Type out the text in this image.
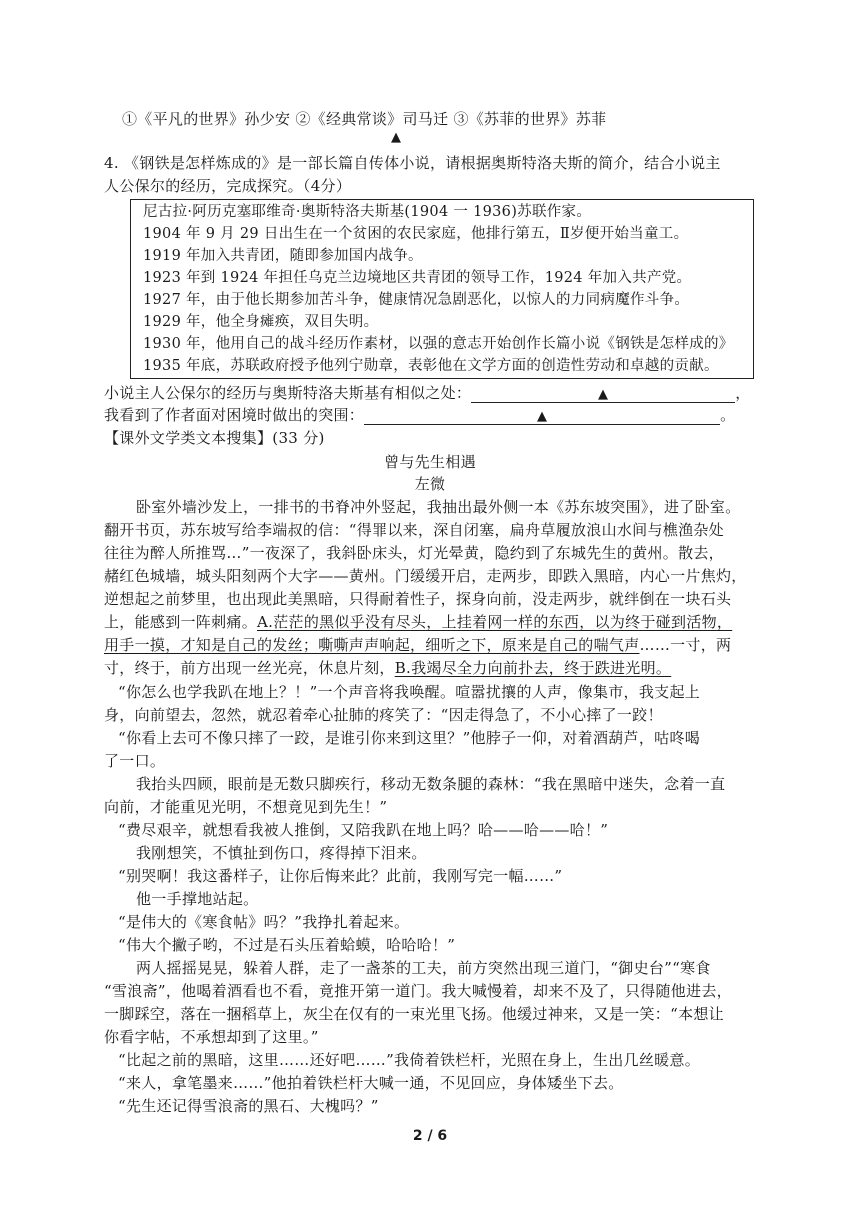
①《平凡的世界》孙少安 ②《经典常谈》司马迁 ③《苏菲的世界》苏菲
▲
4. 《钢铁是怎样炼成的》是一部长篇自传体小说，请根据奥斯特洛夫斯的简介，结合小说主
人公保尔的经历，完成探究。（4分）
尼古拉·阿历克塞耶维奇·奥斯特洛夫斯基(1904 一 1936)苏联作家。
1904 年 9 月 29 日出生在一个贫困的农民家庭，他排行第五，Ⅱ岁便开始当童工。
1919 年加入共青团，随即参加国内战争。
1923 年到 1924 年担任乌克兰边境地区共青团的领导工作，1924 年加入共产党。
1927 年，由于他长期参加苦斗争，健康情况急剧恶化，以惊人的力同病魔作斗争。
1929 年，他全身瘫痪，双目失明。
1930 年，他用自己的战斗经历作素材，以强的意志开始创作长篇小说《钢铁是怎样成的》
1935 年底，苏联政府授予他列宁勋章，表彰他在文学方面的创造性劳动和卓越的贡献。
小说主人公保尔的经历与奥斯特洛夫斯基有相似之处：	▲	，
我看到了作者面对困境时做出的突围：	▲	。
【课外文学类文本搜集】(33 分)
曾与先生相遇
左微
卧室外墙沙发上，一排书的书脊冲外竖起，我抽出最外侧一本《苏东坡突围》，进了卧室。
翻开书页，苏东坡写给李端叔的信：“得罪以来，深自闭塞，扁舟草履放浪山水间与樵渔杂处
往往为醉人所推骂…”一夜深了，我斜卧床头，灯光晕黄，隐约到了东城先生的黄州。散去，
赭红色城墙，城头阳刻两个大字——黄州。门缓缓开启，走两步，即跌入黑暗，内心一片焦灼，
逆想起之前梦里，也出现此美黑暗，只得耐着性子，探身向前，没走两步，就绊倒在一块石头
上，能感到一阵刺痛。A.茫茫的黑似乎没有尽头，上挂着网一样的东西，以为终于碰到活物，
用手一摸，才知是自己的发丝；嘶嘶声声响起，细听之下，原来是自己的喘气声……一寸，两
寸，终于，前方出现一丝光亮，休息片刻，B.我竭尽全力向前扑去，终于跌进光明。
“你怎么也学我趴在地上？！”一个声音将我唤醒。喧嚣扰攘的人声，像集市，我支起上
身，向前望去，忽然，就忍着牵心扯肺的疼笑了：“因走得急了，不小心摔了一跤！
“你看上去可不像只摔了一跤，是谁引你来到这里？”他脖子一仰，对着酒葫芦，咕咚喝
了一口。
我抬头四顾，眼前是无数只脚疾行，移动无数条腿的森林：“我在黑暗中迷失，念着一直
向前，才能重见光明，不想竟见到先生！”
“费尽艰辛，就想看我被人推倒，又陪我趴在地上吗？哈——哈——哈！”
我刚想笑，不慎扯到伤口，疼得掉下泪来。
“别哭啊！我这番样子，让你后悔来此？此前，我刚写完一幅……”
他一手撑地站起。
“是伟大的《寒食帖》吗？”我挣扎着起来。
“伟大个撇子哟，不过是石头压着蛤蟆，哈哈哈！”
两人摇摇晃晃，躲着人群，走了一盏茶的工夫，前方突然出现三道门，“御史台”“寒食
“雪浪斋”，他喝着酒看也不看，竟推开第一道门。我大喊慢着，却来不及了，只得随他进去，
一脚踩空，落在一捆稻草上，灰尘在仅有的一束光里飞扬。他缓过神来，又是一笑：“本想让
你看字帖，不承想却到了这里。”
“比起之前的黑暗，这里……还好吧……”我倚着铁栏杆，光照在身上，生出几丝暖意。
“来人，拿笔墨来……”他拍着铁栏杆大喊一通，不见回应，身体矮坐下去。
“先生还记得雪浪斋的黑石、大槐吗？”
2 / 6
